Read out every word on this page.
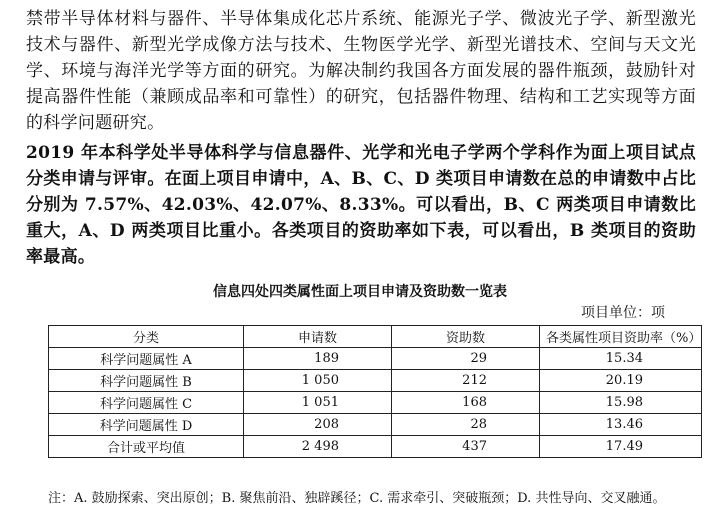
禁带半导体材料与器件、半导体集成化芯片系统、能源光子学、微波光子学、新型激光技术与器件、新型光学成像方法与技术、生物医学光学、新型光谱技术、空间与天文光学、环境与海洋光学等方面的研究。为解决制约我国各方面发展的器件瓶颈，鼓励针对提高器件性能（兼顾成品率和可靠性）的研究，包括器件物理、结构和工艺实现等方面的科学问题研究。

2019 年本科学处半导体科学与信息器件、光学和光电子学两个学科作为面上项目试点分类申请与评审。在面上项目申请中，A、B、C、D 类项目申请数在总的申请数中占比分别为 7.57%、42.03%、42.07%、8.33%。可以看出，B、C 两类项目申请数比重大，A、D 两类项目比重小。各类项目的资助率如下表，可以看出，B 类项目的资助率最高。

信息四处四类属性面上项目申请及资助数一览表
项目单位：项
分类	申请数	资助数	各类属性项目资助率（%）
科学问题属性 A	189	29	15.34
科学问题属性 B	1 050	212	20.19
科学问题属性 C	1 051	168	15.98
科学问题属性 D	208	28	13.46
合计或平均值	2 498	437	17.49
注：A. 鼓励探索、突出原创；B. 聚焦前沿、独辟蹊径；C. 需求牵引、突破瓶颈；D. 共性导向、交叉融通。
